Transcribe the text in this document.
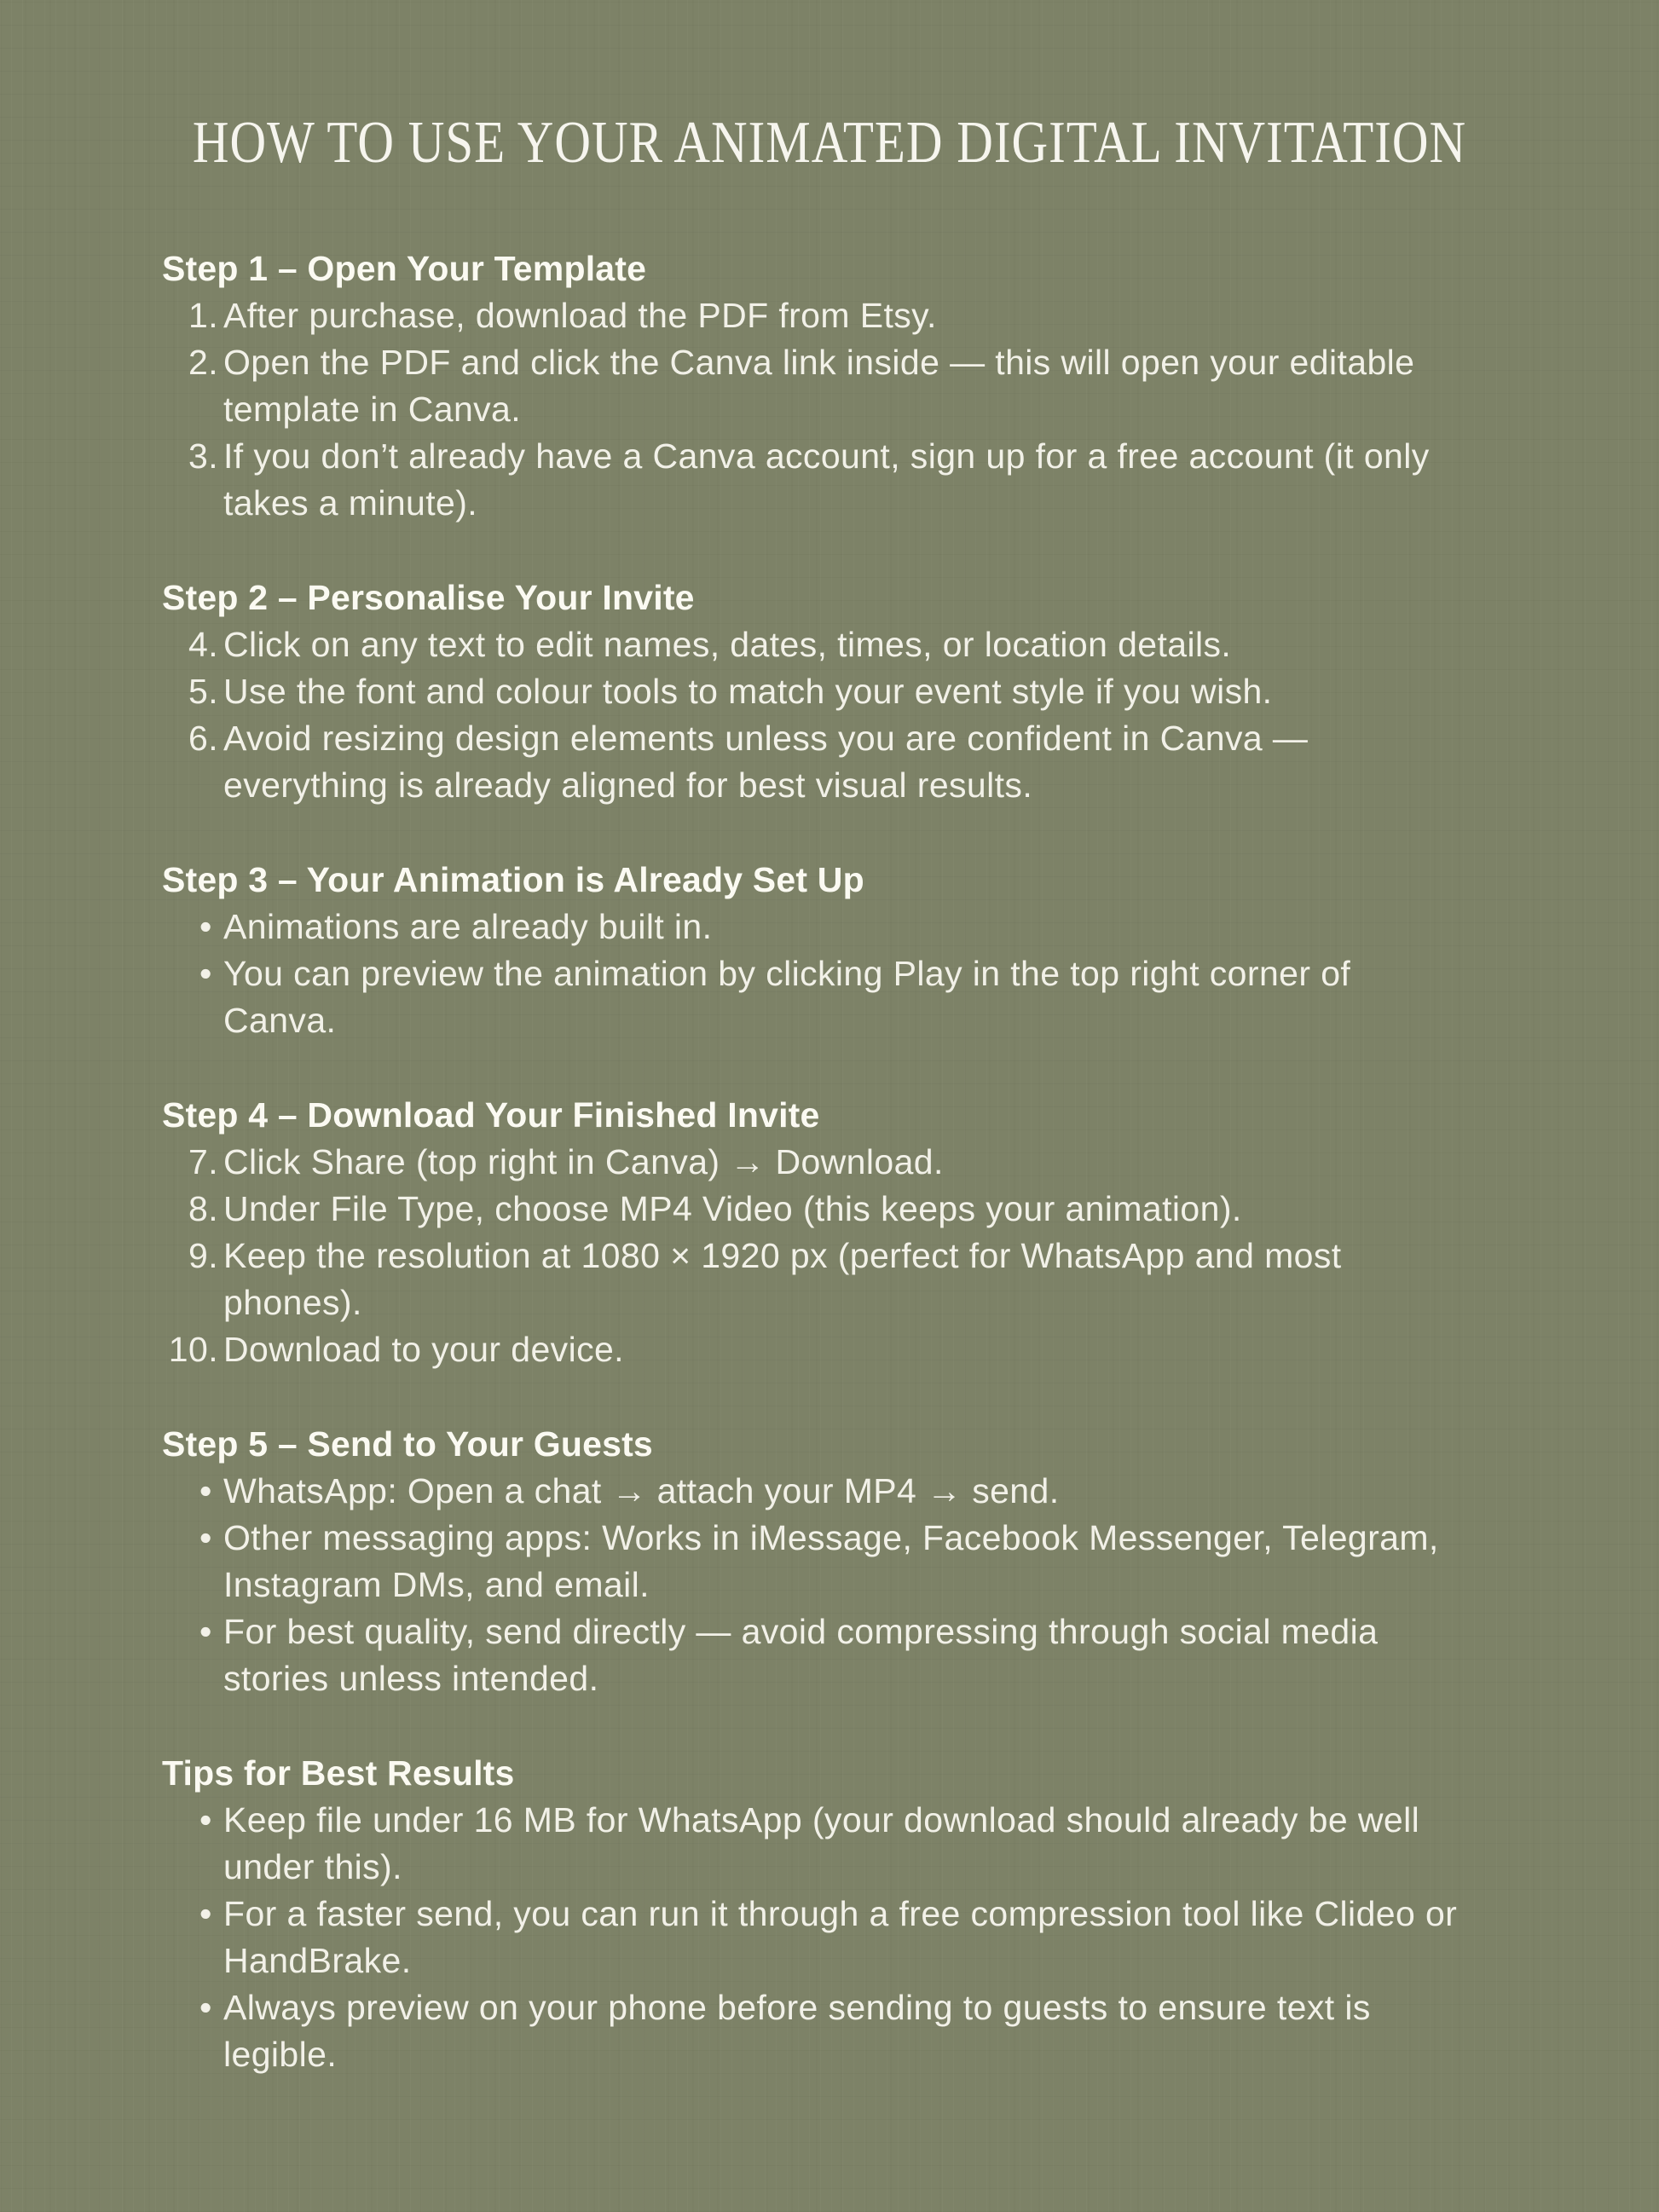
HOW TO USE YOUR ANIMATED DIGITAL INVITATION
Step 1 – Open Your Template
1. After purchase, download the PDF from Etsy.
2. Open the PDF and click the Canva link inside — this will open your editable template in Canva.
3. If you don’t already have a Canva account, sign up for a free account (it only takes a minute).
Step 2 – Personalise Your Invite
4. Click on any text to edit names, dates, times, or location details.
5. Use the font and colour tools to match your event style if you wish.
6. Avoid resizing design elements unless you are confident in Canva — everything is already aligned for best visual results.
Step 3 – Your Animation is Already Set Up
• Animations are already built in.
• You can preview the animation by clicking Play in the top right corner of Canva.
Step 4 – Download Your Finished Invite
7. Click Share (top right in Canva) → Download.
8. Under File Type, choose MP4 Video (this keeps your animation).
9. Keep the resolution at 1080 × 1920 px (perfect for WhatsApp and most phones).
10. Download to your device.
Step 5 – Send to Your Guests
• WhatsApp: Open a chat → attach your MP4 → send.
• Other messaging apps: Works in iMessage, Facebook Messenger, Telegram, Instagram DMs, and email.
• For best quality, send directly — avoid compressing through social media stories unless intended.
Tips for Best Results
• Keep file under 16 MB for WhatsApp (your download should already be well under this).
• For a faster send, you can run it through a free compression tool like Clideo or HandBrake.
• Always preview on your phone before sending to guests to ensure text is legible.
